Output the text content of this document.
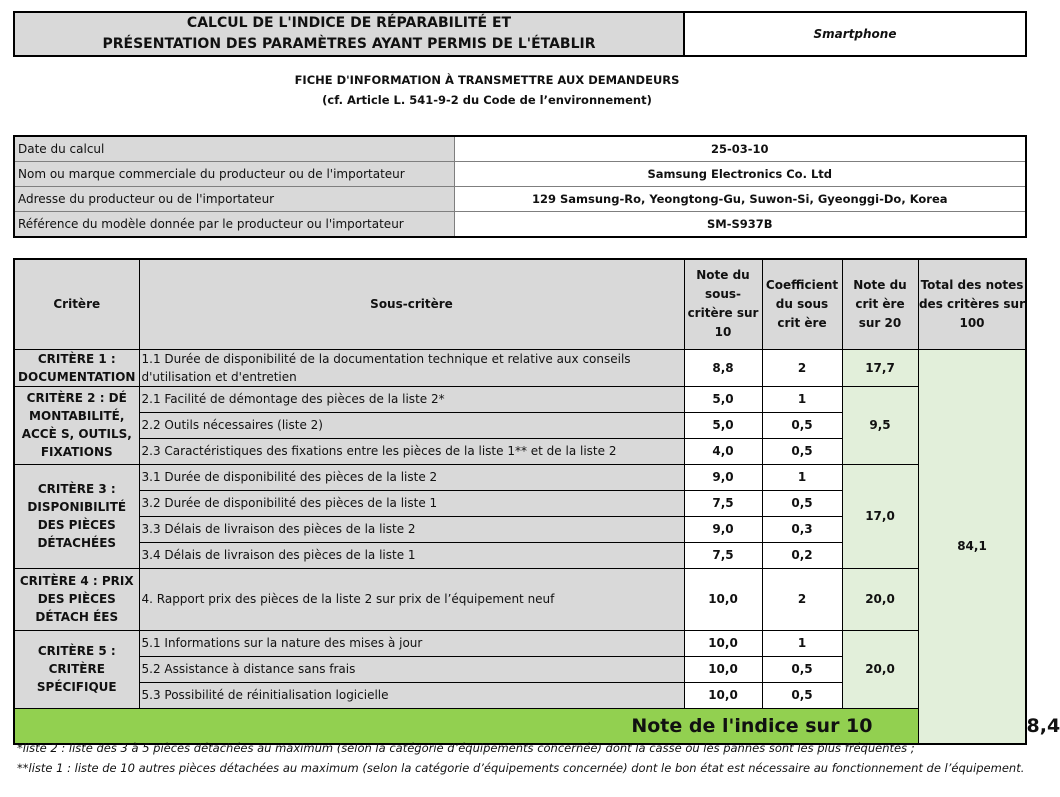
CALCUL DE L'INDICE DE RÉPARABILITÉ ET
PRÉSENTATION DES PARAMÈTRES AYANT PERMIS DE L'ÉTABLIR
	Smartphone
FICHE D'INFORMATION À TRANSMETTRE AUX DEMANDEURS
(cf. Article L. 541-9-2 du Code de l’environnement)
Date du calcul	25-03-10
Nom ou marque commerciale du producteur ou de l'importateur	Samsung Electronics Co. Ltd
Adresse du producteur ou de l'importateur	129 Samsung-Ro, Yeongtong-Gu, Suwon-Si, Gyeonggi-Do, Korea
Référence du modèle donnée par le producteur ou l'importateur	SM-S937B
Critère	Sous-critère	Note du sous-critère sur 10	Coefficient du sous crit ère	Note du crit ère sur 20	Total des notes des critères sur 100	
CRITÈRE 1 : DOCUMENTATION	1.1 Durée de disponibilité de la documentation technique et relative aux conseils d'utilisation et d'entretien	8,8	2	17,7	84,1	
CRITÈRE 2 : DÉ MONTABILITÉ, ACCÈ S, OUTILS, FIXATIONS	2.1 Facilité de démontage des pièces de la liste 2*	5,0	1	9,5		
	2.2 Outils nécessaires (liste 2)	5,0	0,5			
	2.3 Caractéristiques des fixations entre les pièces de la liste 1** et de la liste 2	4,0	0,5			
CRITÈRE 3 : DISPONIBILITÉ DES PIÈCES DÉTACHÉES	3.1 Durée de disponibilité des pièces de la liste 2	9,0	1	17,0		
	3.2 Durée de disponibilité des pièces de la liste 1	7,5	0,5			
	3.3 Délais de livraison des pièces de la liste 2	9,0	0,3			
	3.4 Délais de livraison des pièces de la liste 1	7,5	0,2			
CRITÈRE 4 : PRIX DES PIÈCES DÉTACH ÉES	4. Rapport prix des pièces de la liste 2 sur prix de l’équipement neuf	10,0	2	20,0		
CRITÈRE 5 : CRITÈRE SPÉCIFIQUE	5.1 Informations sur la nature des mises à jour	10,0	1	20,0		
	5.2 Assistance à distance sans frais	10,0	0,5			
	5.3 Possibilité de réinitialisation logicielle	10,0	0,5			
Note de l'indice sur 10						8,4
*liste 2 : liste des 3 à 5 pièces détachées au maximum (selon la catégorie d’équipements concernée) dont la casse ou les pannes sont les plus fréquentes ;
**liste 1 : liste de 10 autres pièces détachées au maximum (selon la catégorie d’équipements concernée) dont le bon état est nécessaire au fonctionnement de l’équipement.
